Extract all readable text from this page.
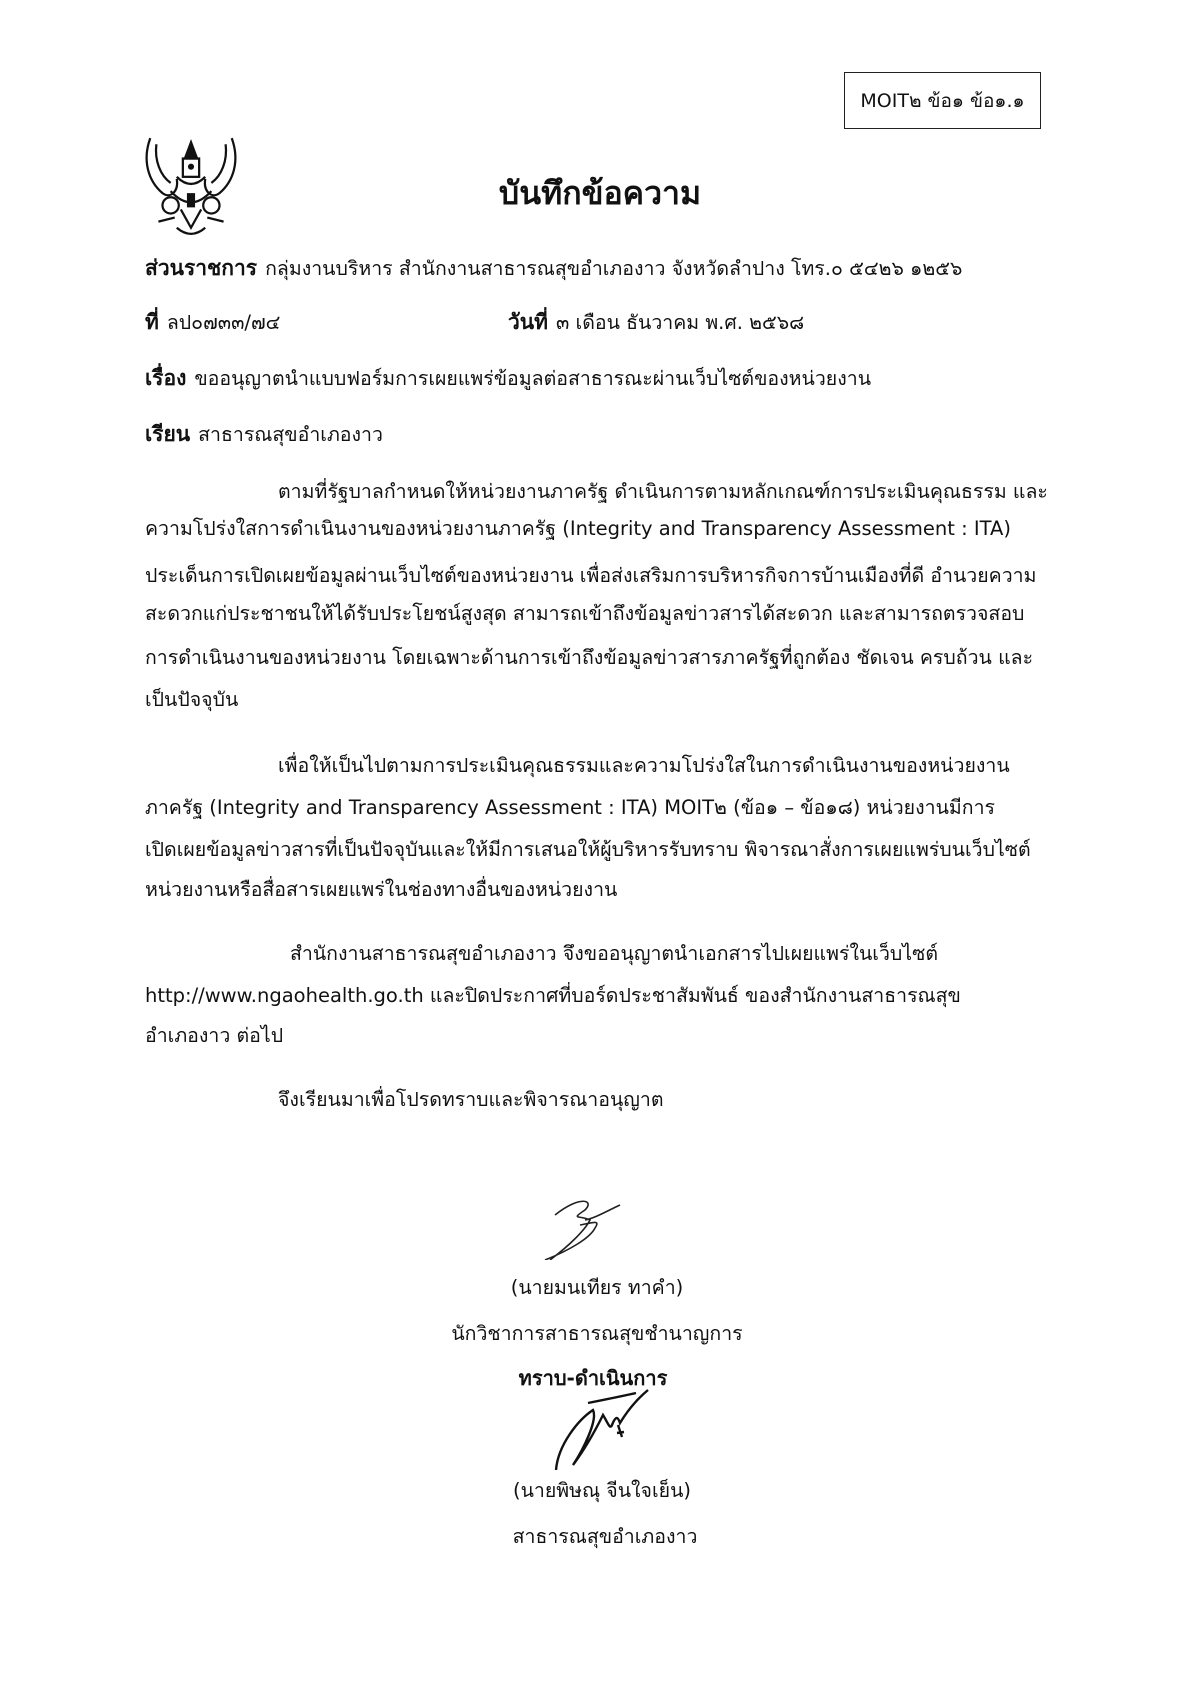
MOIT๒ ข้อ๑ ข้อ๑.๑
บันทึกข้อความ
ส่วนราชการ กลุ่มงานบริหาร สำนักงานสาธารณสุขอำเภองาว จังหวัดลำปาง โทร.๐ ๕๔๒๖ ๑๒๕๖
ที่ ลป๐๗๓๓/๗๔	วันที่ ๓ เดือน ธันวาคม พ.ศ. ๒๕๖๘
เรื่อง ขออนุญาตนำแบบฟอร์มการเผยแพร่ข้อมูลต่อสาธารณะผ่านเว็บไซต์ของหน่วยงาน
เรียน สาธารณสุขอำเภองาว
ตามที่รัฐบาลกำหนดให้หน่วยงานภาครัฐ ดำเนินการตามหลักเกณฑ์การประเมินคุณธรรม และ
ความโปร่งใสการดำเนินงานของหน่วยงานภาครัฐ (Integrity and Transparency Assessment : ITA)
ประเด็นการเปิดเผยข้อมูลผ่านเว็บไซต์ของหน่วยงาน เพื่อส่งเสริมการบริหารกิจการบ้านเมืองที่ดี อำนวยความ
สะดวกแก่ประชาชนให้ได้รับประโยชน์สูงสุด สามารถเข้าถึงข้อมูลข่าวสารได้สะดวก และสามารถตรวจสอบ
การดำเนินงานของหน่วยงาน โดยเฉพาะด้านการเข้าถึงข้อมูลข่าวสารภาครัฐที่ถูกต้อง ชัดเจน ครบถ้วน และ
เป็นปัจจุบัน
เพื่อให้เป็นไปตามการประเมินคุณธรรมและความโปร่งใสในการดำเนินงานของหน่วยงาน
ภาครัฐ (Integrity and Transparency Assessment : ITA) MOIT๒ (ข้อ๑ – ข้อ๑๘) หน่วยงานมีการ
เปิดเผยข้อมูลข่าวสารที่เป็นปัจจุบันและให้มีการเสนอให้ผู้บริหารรับทราบ พิจารณาสั่งการเผยแพร่บนเว็บไซต์
หน่วยงานหรือสื่อสารเผยแพร่ในช่องทางอื่นของหน่วยงาน
สำนักงานสาธารณสุขอำเภองาว จึงขออนุญาตนำเอกสารไปเผยแพร่ในเว็บไซต์
http://www.ngaohealth.go.th และปิดประกาศที่บอร์ดประชาสัมพันธ์ ของสำนักงานสาธารณสุข
อำเภองาว ต่อไป
จึงเรียนมาเพื่อโปรดทราบและพิจารณาอนุญาต
(นายมนเทียร ทาคำ)
นักวิชาการสาธารณสุขชำนาญการ
ทราบ-ดำเนินการ
(นายพิษณุ จีนใจเย็น)
สาธารณสุขอำเภองาว
